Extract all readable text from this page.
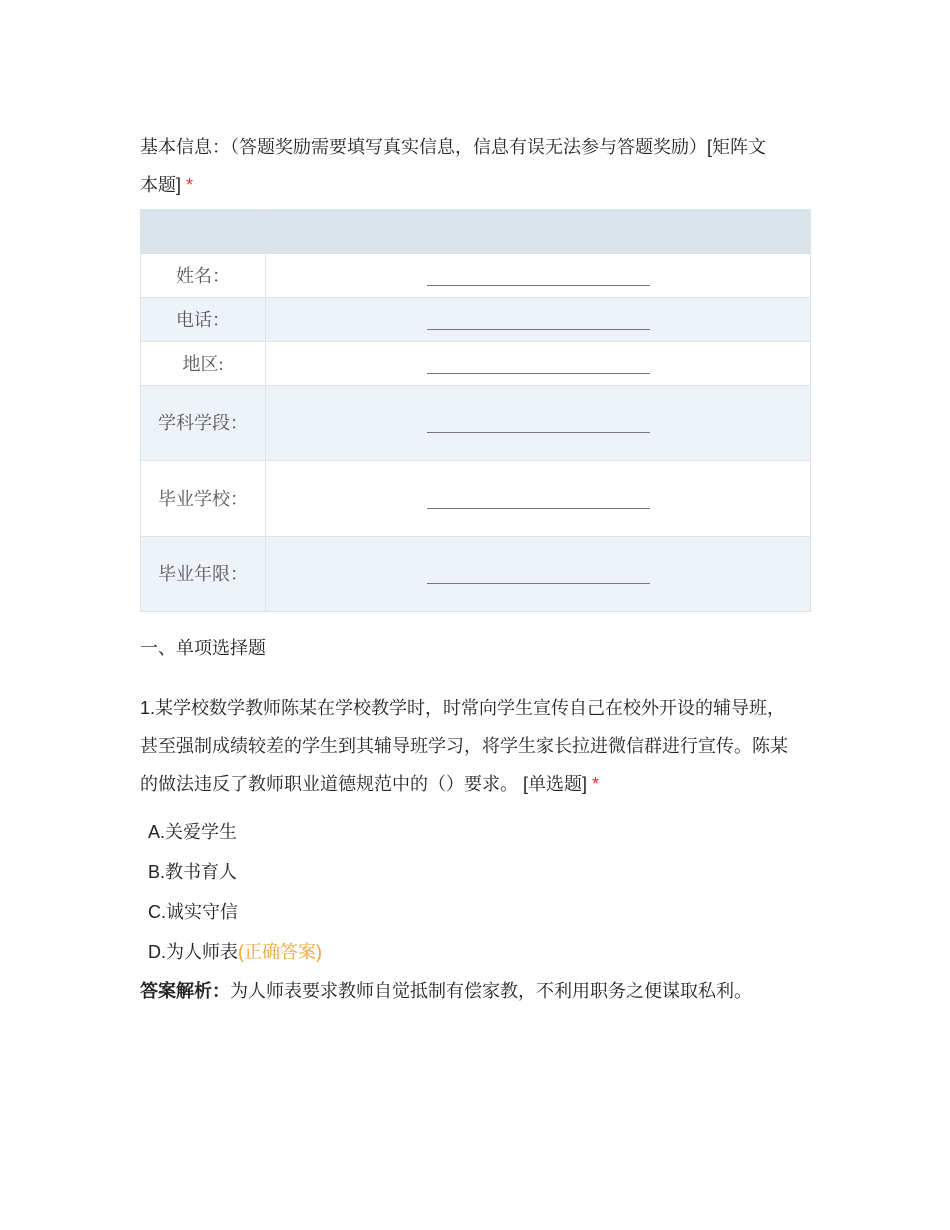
基本信息：（答题奖励需要填写真实信息，信息有误无法参与答题奖励）[矩阵文
本题] *

姓名：	
电话：	
地区:	
学科学段：	
毕业学校：	
毕业年限：	
一、单项选择题
1.某学校数学教师陈某在学校教学时，时常向学生宣传自己在校外开设的辅导班，
甚至强制成绩较差的学生到其辅导班学习，将学生家长拉进微信群进行宣传。陈某
的做法违反了教师职业道德规范中的（）要求。 [单选题] *
A.关爱学生
B.教书育人
C.诚实守信
D.为人师表(正确答案)
答案解析：为人师表要求教师自觉抵制有偿家教，不利用职务之便谋取私利。
